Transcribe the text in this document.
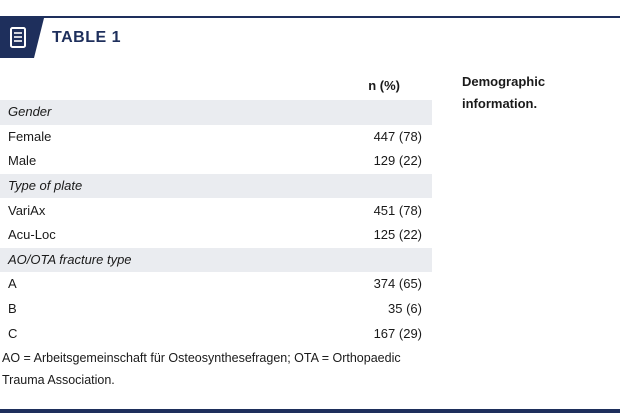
TABLE 1
n (%)	Demographic
information.
Gender	
Female	447 (78)
Male	129 (22)
Type of plate	
VariAx	451 (78)
Acu-Loc	125 (22)
AO/OTA fracture type	
A	374 (65)
B	35 (6)
C	167 (29)
AO = Arbeitsgemeinschaft für Osteosynthesefragen; OTA = Orthopaedic
Trauma Association.
